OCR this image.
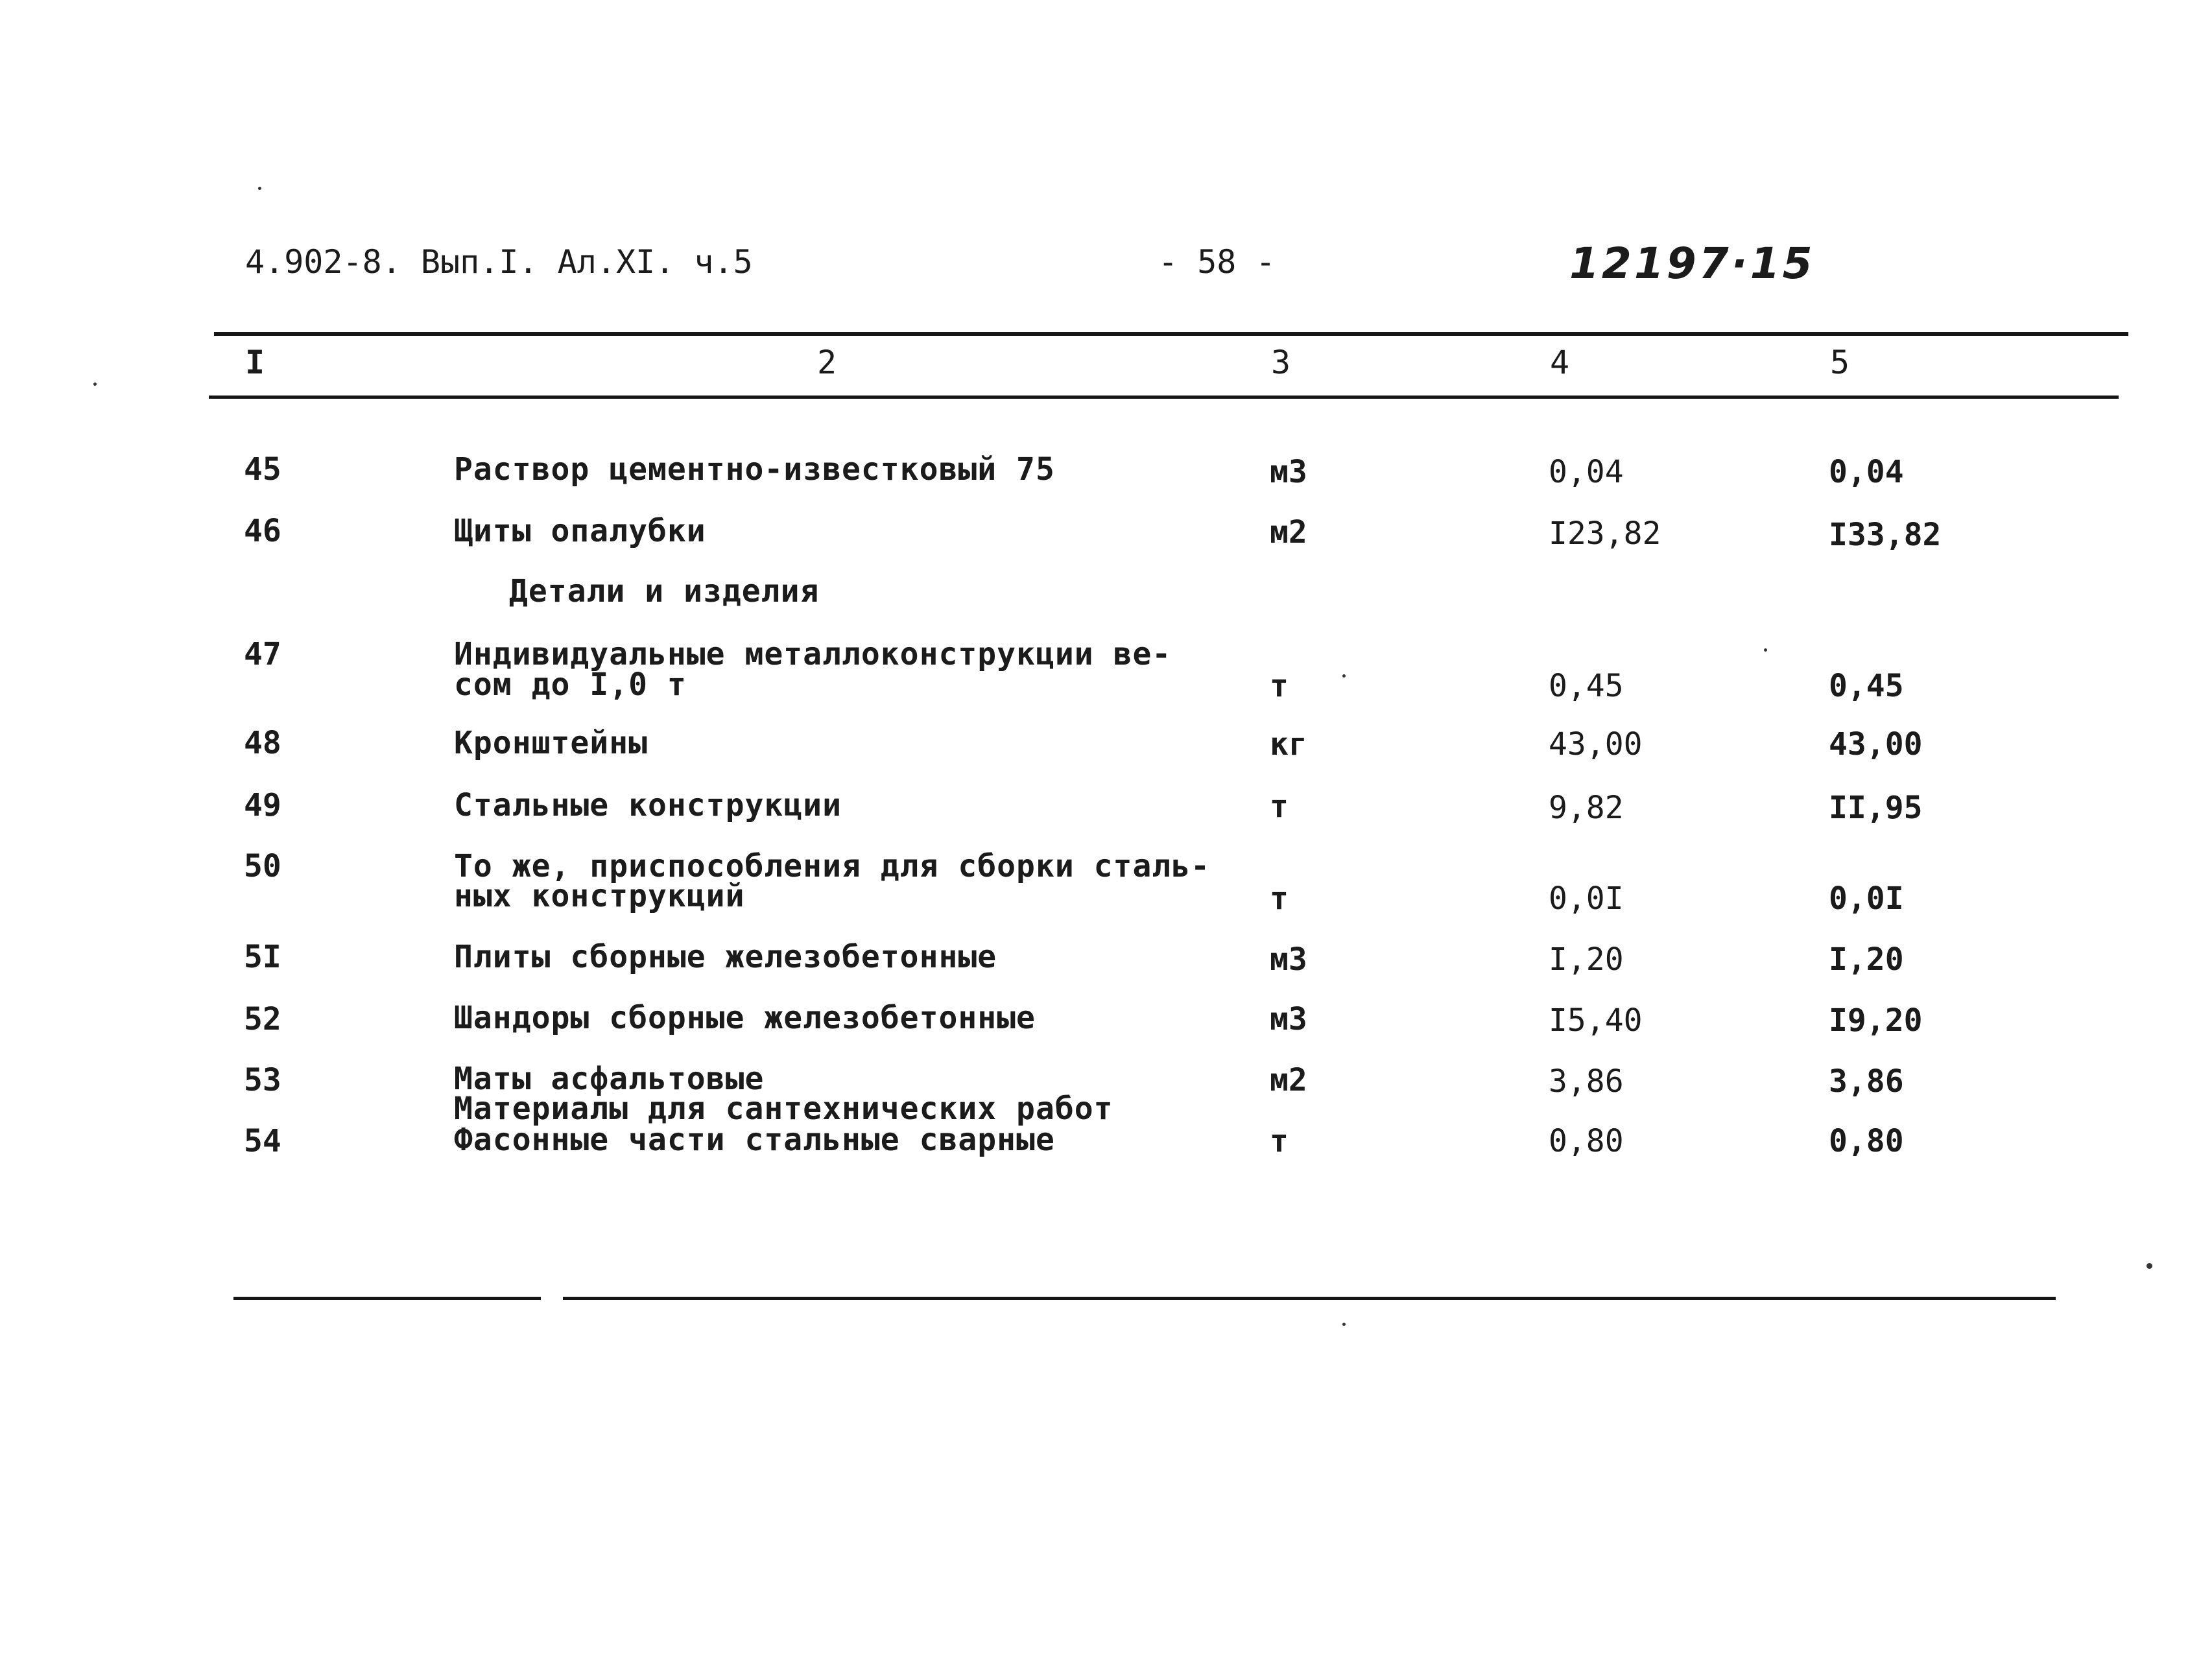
4.902-8. Вып.I. Ал.XI. ч.5	- 58 -	12197·15
I	2	3	4	5
45	Раствор цементно-известковый 75	м3	0,04	0,04
46	Щиты опалубки	м2	I23,82	I33,82
Детали и изделия
47	Индивидуальные металлоконструкции ве-
сом до I,0 т	т	0,45	0,45
48	Кронштейны	кг	43,00	43,00
49	Стальные конструкции	т	9,82	II,95
50	То же, приспособления для сборки сталь-
ных конструкций	т	0,0I	0,0I
5I	Плиты сборные железобетонные	м3	I,20	I,20
52	Шандоры сборные железобетонные	м3	I5,40	I9,20
53	Маты асфальтовые	м2	3,86	3,86
Материалы для сантехнических работ
54	Фасонные части стальные сварные	т	0,80	0,80
